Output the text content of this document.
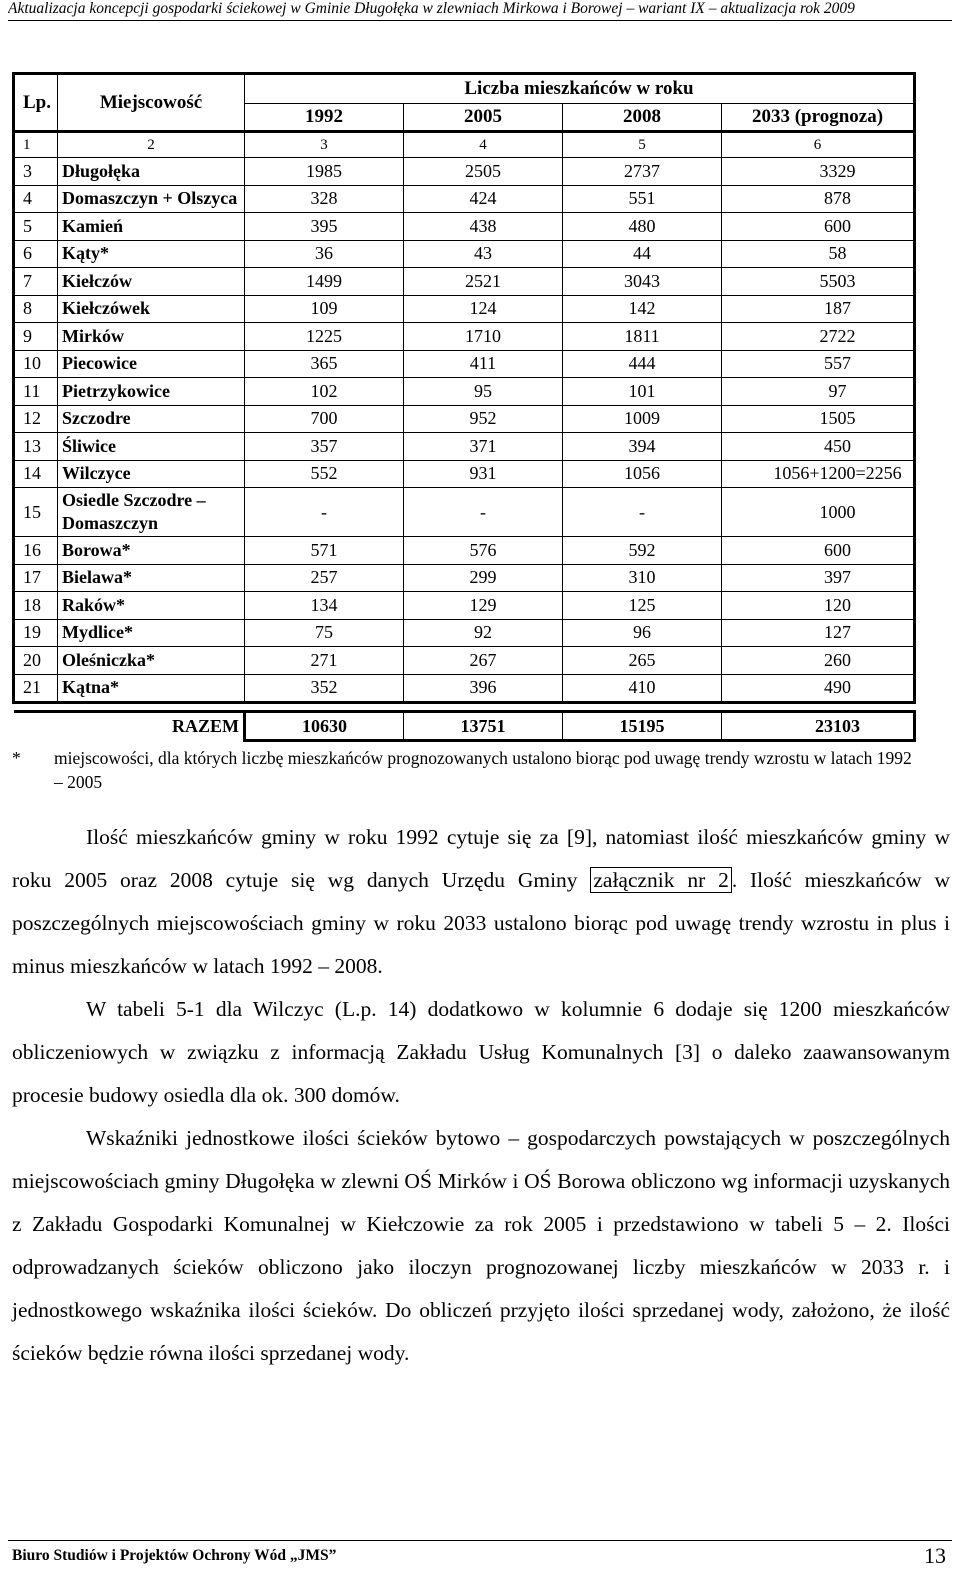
Aktualizacja koncepcji gospodarki ściekowej w Gminie Długołęka w zlewniach Mirkowa i Borowej – wariant IX – aktualizacja rok 2009
Lp.	Miejscowość	Liczba mieszkańców w roku			
		1992	2005	2008	2033 (prognoza)
1	2	3	4	5	6
3	Długołęka	1985	2505	2737	3329
4	Domaszczyn + Olszyca	328	424	551	878
5	Kamień	395	438	480	600
6	Kąty*	36	43	44	58
7	Kiełczów	1499	2521	3043	5503
8	Kiełczówek	109	124	142	187
9	Mirków	1225	1710	1811	2722
10	Piecowice	365	411	444	557
11	Pietrzykowice	102	95	101	97
12	Szczodre	700	952	1009	1505
13	Śliwice	357	371	394	450
14	Wilczyce	552	931	1056	1056+1200=2256
15	Osiedle Szczodre – Domaszczyn	-	-	-	1000
16	Borowa*	571	576	592	600
17	Bielawa*	257	299	310	397
18	Raków*	134	129	125	120
19	Mydlice*	75	92	96	127
20	Oleśniczka*	271	267	265	260
21	Kątna*	352	396	410	490

RAZEM		10630	13751	15195	23103
* miejscowości, dla których liczbę mieszkańców prognozowanych ustalono biorąc pod uwagę trendy wzrostu w latach 1992 – 2005

Ilość mieszkańców gminy w roku 1992 cytuje się za [9], natomiast ilość mieszkańców gminy w roku 2005 oraz 2008 cytuje się wg danych Urzędu Gminy załącznik nr 2 . Ilość mieszkańców w poszczególnych miejscowościach gminy w roku 2033 ustalono biorąc pod uwagę trendy wzrostu in plus i minus mieszkańców w latach 1992 – 2008.

W tabeli 5-1 dla Wilczyc (L.p. 14) dodatkowo w kolumnie 6 dodaje się 1200 mieszkańców obliczeniowych w związku z informacją Zakładu Usług Komunalnych [3] o daleko zaawansowanym procesie budowy osiedla dla ok. 300 domów.

Wskaźniki jednostkowe ilości ścieków bytowo – gospodarczych powstających w poszczególnych miejscowościach gminy Długołęka w zlewni OŚ Mirków i OŚ Borowa obliczono wg informacji uzyskanych z Zakładu Gospodarki Komunalnej w Kiełczowie za rok 2005 i przedstawiono w tabeli 5 – 2. Ilości odprowadzanych ścieków obliczono jako iloczyn prognozowanej liczby mieszkańców w 2033 r. i jednostkowego wskaźnika ilości ścieków. Do obliczeń przyjęto ilości sprzedanej wody, założono, że ilość ścieków będzie równa ilości sprzedanej wody.

Biuro Studiów i Projektów Ochrony Wód „JMS”	13
